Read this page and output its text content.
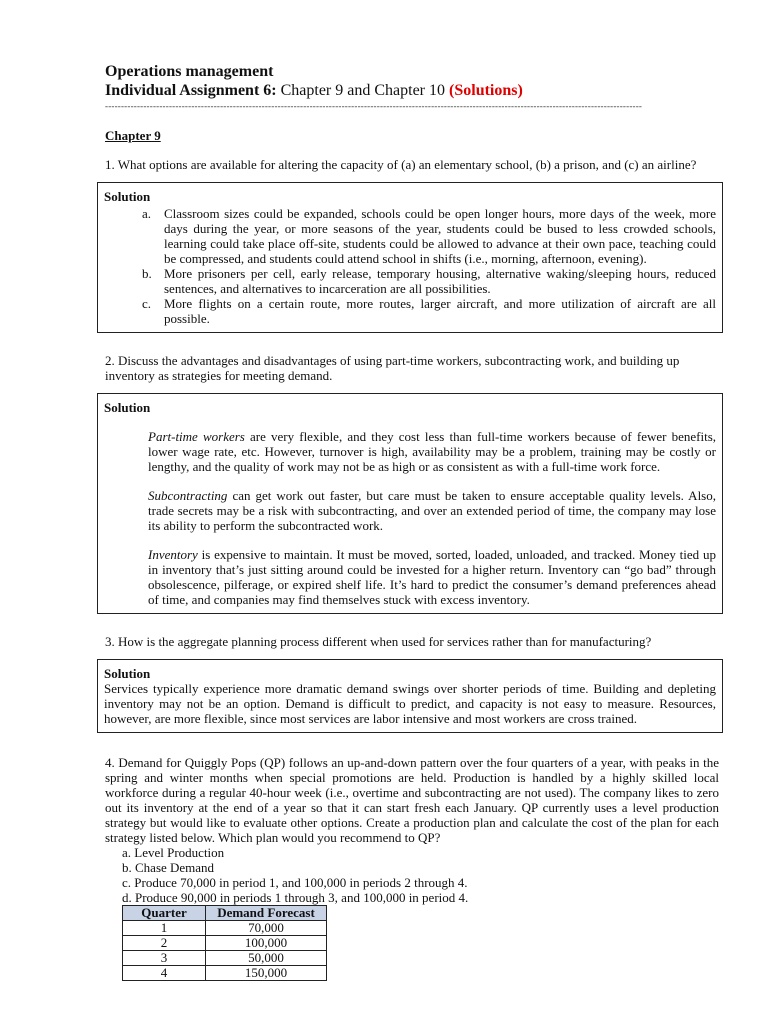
Operations management
Individual Assignment 6: Chapter 9 and Chapter 10 (Solutions)
------------------------------------------------------------------------------------------------------------------------------------------------------------------------
Chapter 9
1. What options are available for altering the capacity of (a) an elementary school, (b) a prison, and (c) an airline?
Solution
a. Classroom sizes could be expanded, schools could be open longer hours, more days of the week, more days during the year, or more seasons of the year, students could be bused to less crowded schools, learning could take place off-site, students could be allowed to advance at their own pace, teaching could be compressed, and students could attend school in shifts (i.e., morning, afternoon, evening).
b. More prisoners per cell, early release, temporary housing, alternative waking/sleeping hours, reduced sentences, and alternatives to incarceration are all possibilities.
c. More flights on a certain route, more routes, larger aircraft, and more utilization of aircraft are all possible.
2. Discuss the advantages and disadvantages of using part-time workers, subcontracting work, and building up inventory as strategies for meeting demand.
Solution
Part-time workers are very flexible, and they cost less than full-time workers because of fewer benefits, lower wage rate, etc. However, turnover is high, availability may be a problem, training may be costly or lengthy, and the quality of work may not be as high or as consistent as with a full-time work force.
Subcontracting can get work out faster, but care must be taken to ensure acceptable quality levels. Also, trade secrets may be a risk with subcontracting, and over an extended period of time, the company may lose its ability to perform the subcontracted work.
Inventory is expensive to maintain. It must be moved, sorted, loaded, unloaded, and tracked. Money tied up in inventory that’s just sitting around could be invested for a higher return. Inventory can “go bad” through obsolescence, pilferage, or expired shelf life. It’s hard to predict the consumer’s demand preferences ahead of time, and companies may find themselves stuck with excess inventory.
3. How is the aggregate planning process different when used for services rather than for manufacturing?
Solution
Services typically experience more dramatic demand swings over shorter periods of time. Building and depleting inventory may not be an option. Demand is difficult to predict, and capacity is not easy to measure. Resources, however, are more flexible, since most services are labor intensive and most workers are cross trained.
4. Demand for Quiggly Pops (QP) follows an up-and-down pattern over the four quarters of a year, with peaks in the spring and winter months when special promotions are held. Production is handled by a highly skilled local workforce during a regular 40-hour week (i.e., overtime and subcontracting are not used). The company likes to zero out its inventory at the end of a year so that it can start fresh each January. QP currently uses a level production strategy but would like to evaluate other options. Create a production plan and calculate the cost of the plan for each strategy listed below. Which plan would you recommend to QP?
a. Level Production
b. Chase Demand
c. Produce 70,000 in period 1, and 100,000 in periods 2 through 4.
d. Produce 90,000 in periods 1 through 3, and 100,000 in period 4.
Quarter	Demand Forecast
1	70,000
2	100,000
3	50,000
4	150,000
